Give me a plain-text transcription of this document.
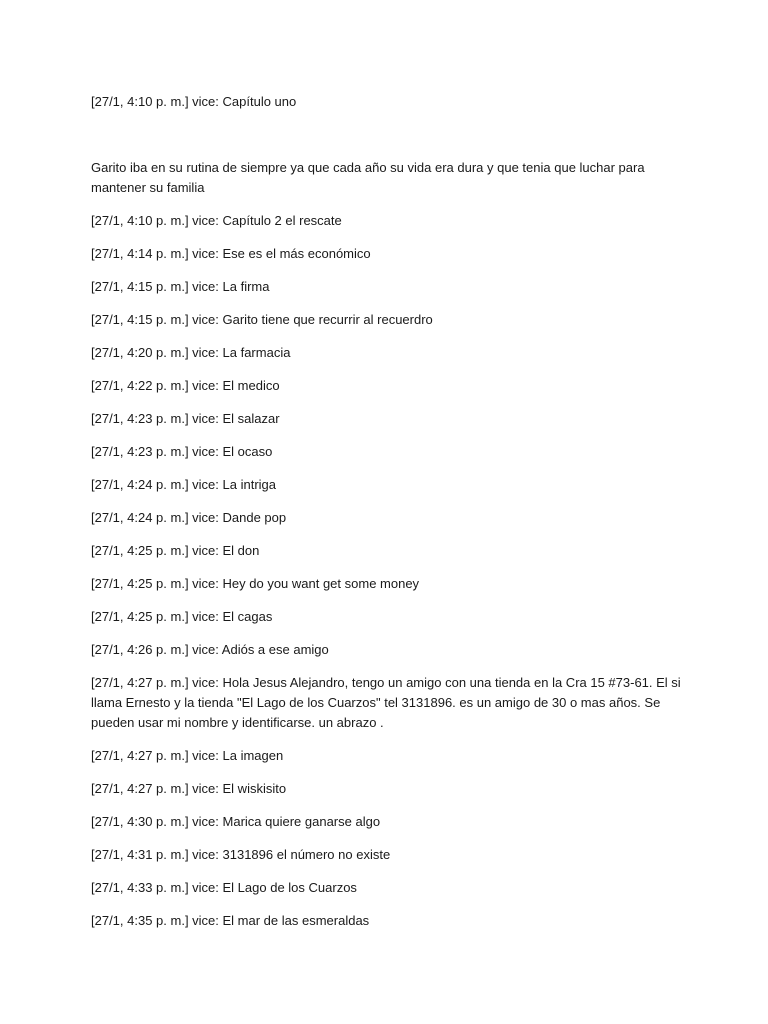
[27/1, 4:10 p. m.] vice: Capítulo uno

Garito iba en su rutina de siempre ya que cada año su vida era dura y que tenia que luchar para mantener su familia

[27/1, 4:10 p. m.] vice: Capítulo 2 el rescate

[27/1, 4:14 p. m.] vice: Ese es el más económico

[27/1, 4:15 p. m.] vice: La firma

[27/1, 4:15 p. m.] vice: Garito tiene que recurrir al recuerdro

[27/1, 4:20 p. m.] vice: La farmacia

[27/1, 4:22 p. m.] vice: El medico

[27/1, 4:23 p. m.] vice: El salazar

[27/1, 4:23 p. m.] vice: El ocaso

[27/1, 4:24 p. m.] vice: La intriga

[27/1, 4:24 p. m.] vice: Dande pop

[27/1, 4:25 p. m.] vice: El don

[27/1, 4:25 p. m.] vice: Hey do you want get some money

[27/1, 4:25 p. m.] vice: El cagas

[27/1, 4:26 p. m.] vice: Adiós a ese amigo

[27/1, 4:27 p. m.] vice: Hola Jesus Alejandro, tengo un amigo con una tienda en la Cra 15 #73-61. El si llama Ernesto y la tienda "El Lago de los Cuarzos" tel 3131896. es un amigo de 30 o mas años. Se pueden usar mi nombre y identificarse. un abrazo .

[27/1, 4:27 p. m.] vice: La imagen

[27/1, 4:27 p. m.] vice: El wiskisito

[27/1, 4:30 p. m.] vice: Marica quiere ganarse algo

[27/1, 4:31 p. m.] vice: 3131896 el número no existe

[27/1, 4:33 p. m.] vice: El Lago de los Cuarzos

[27/1, 4:35 p. m.] vice: El mar de las esmeraldas
